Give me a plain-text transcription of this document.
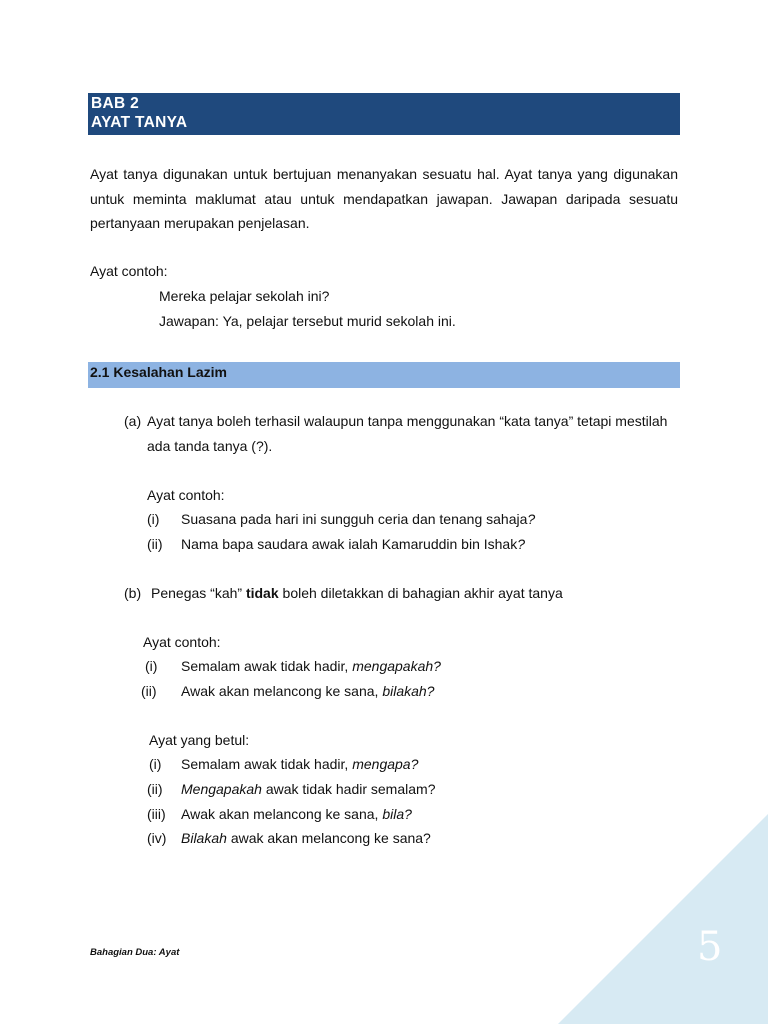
BAB 2
AYAT TANYA
Ayat tanya digunakan untuk bertujuan menanyakan sesuatu hal. Ayat tanya yang digunakan
untuk meminta maklumat atau untuk mendapatkan jawapan. Jawapan daripada sesuatu
pertanyaan merupakan penjelasan.
Ayat contoh:
Mereka pelajar sekolah ini?
Jawapan: Ya, pelajar tersebut murid sekolah ini.
2.1 Kesalahan Lazim
(a) Ayat tanya boleh terhasil walaupun tanpa menggunakan “kata tanya” tetapi mestilah
ada tanda tanya (?).
Ayat contoh:
(i) Suasana pada hari ini sungguh ceria dan tenang sahaja?
(ii) Nama bapa saudara awak ialah Kamaruddin bin Ishak?
(b) Penegas “kah” tidak boleh diletakkan di bahagian akhir ayat tanya
Ayat contoh:
(i) Semalam awak tidak hadir, mengapakah?
(ii) Awak akan melancong ke sana, bilakah?
Ayat yang betul:
(i) Semalam awak tidak hadir, mengapa?
(ii) Mengapakah awak tidak hadir semalam?
(iii) Awak akan melancong ke sana, bila?
(iv) Bilakah awak akan melancong ke sana?
Bahagian Dua: Ayat	5
